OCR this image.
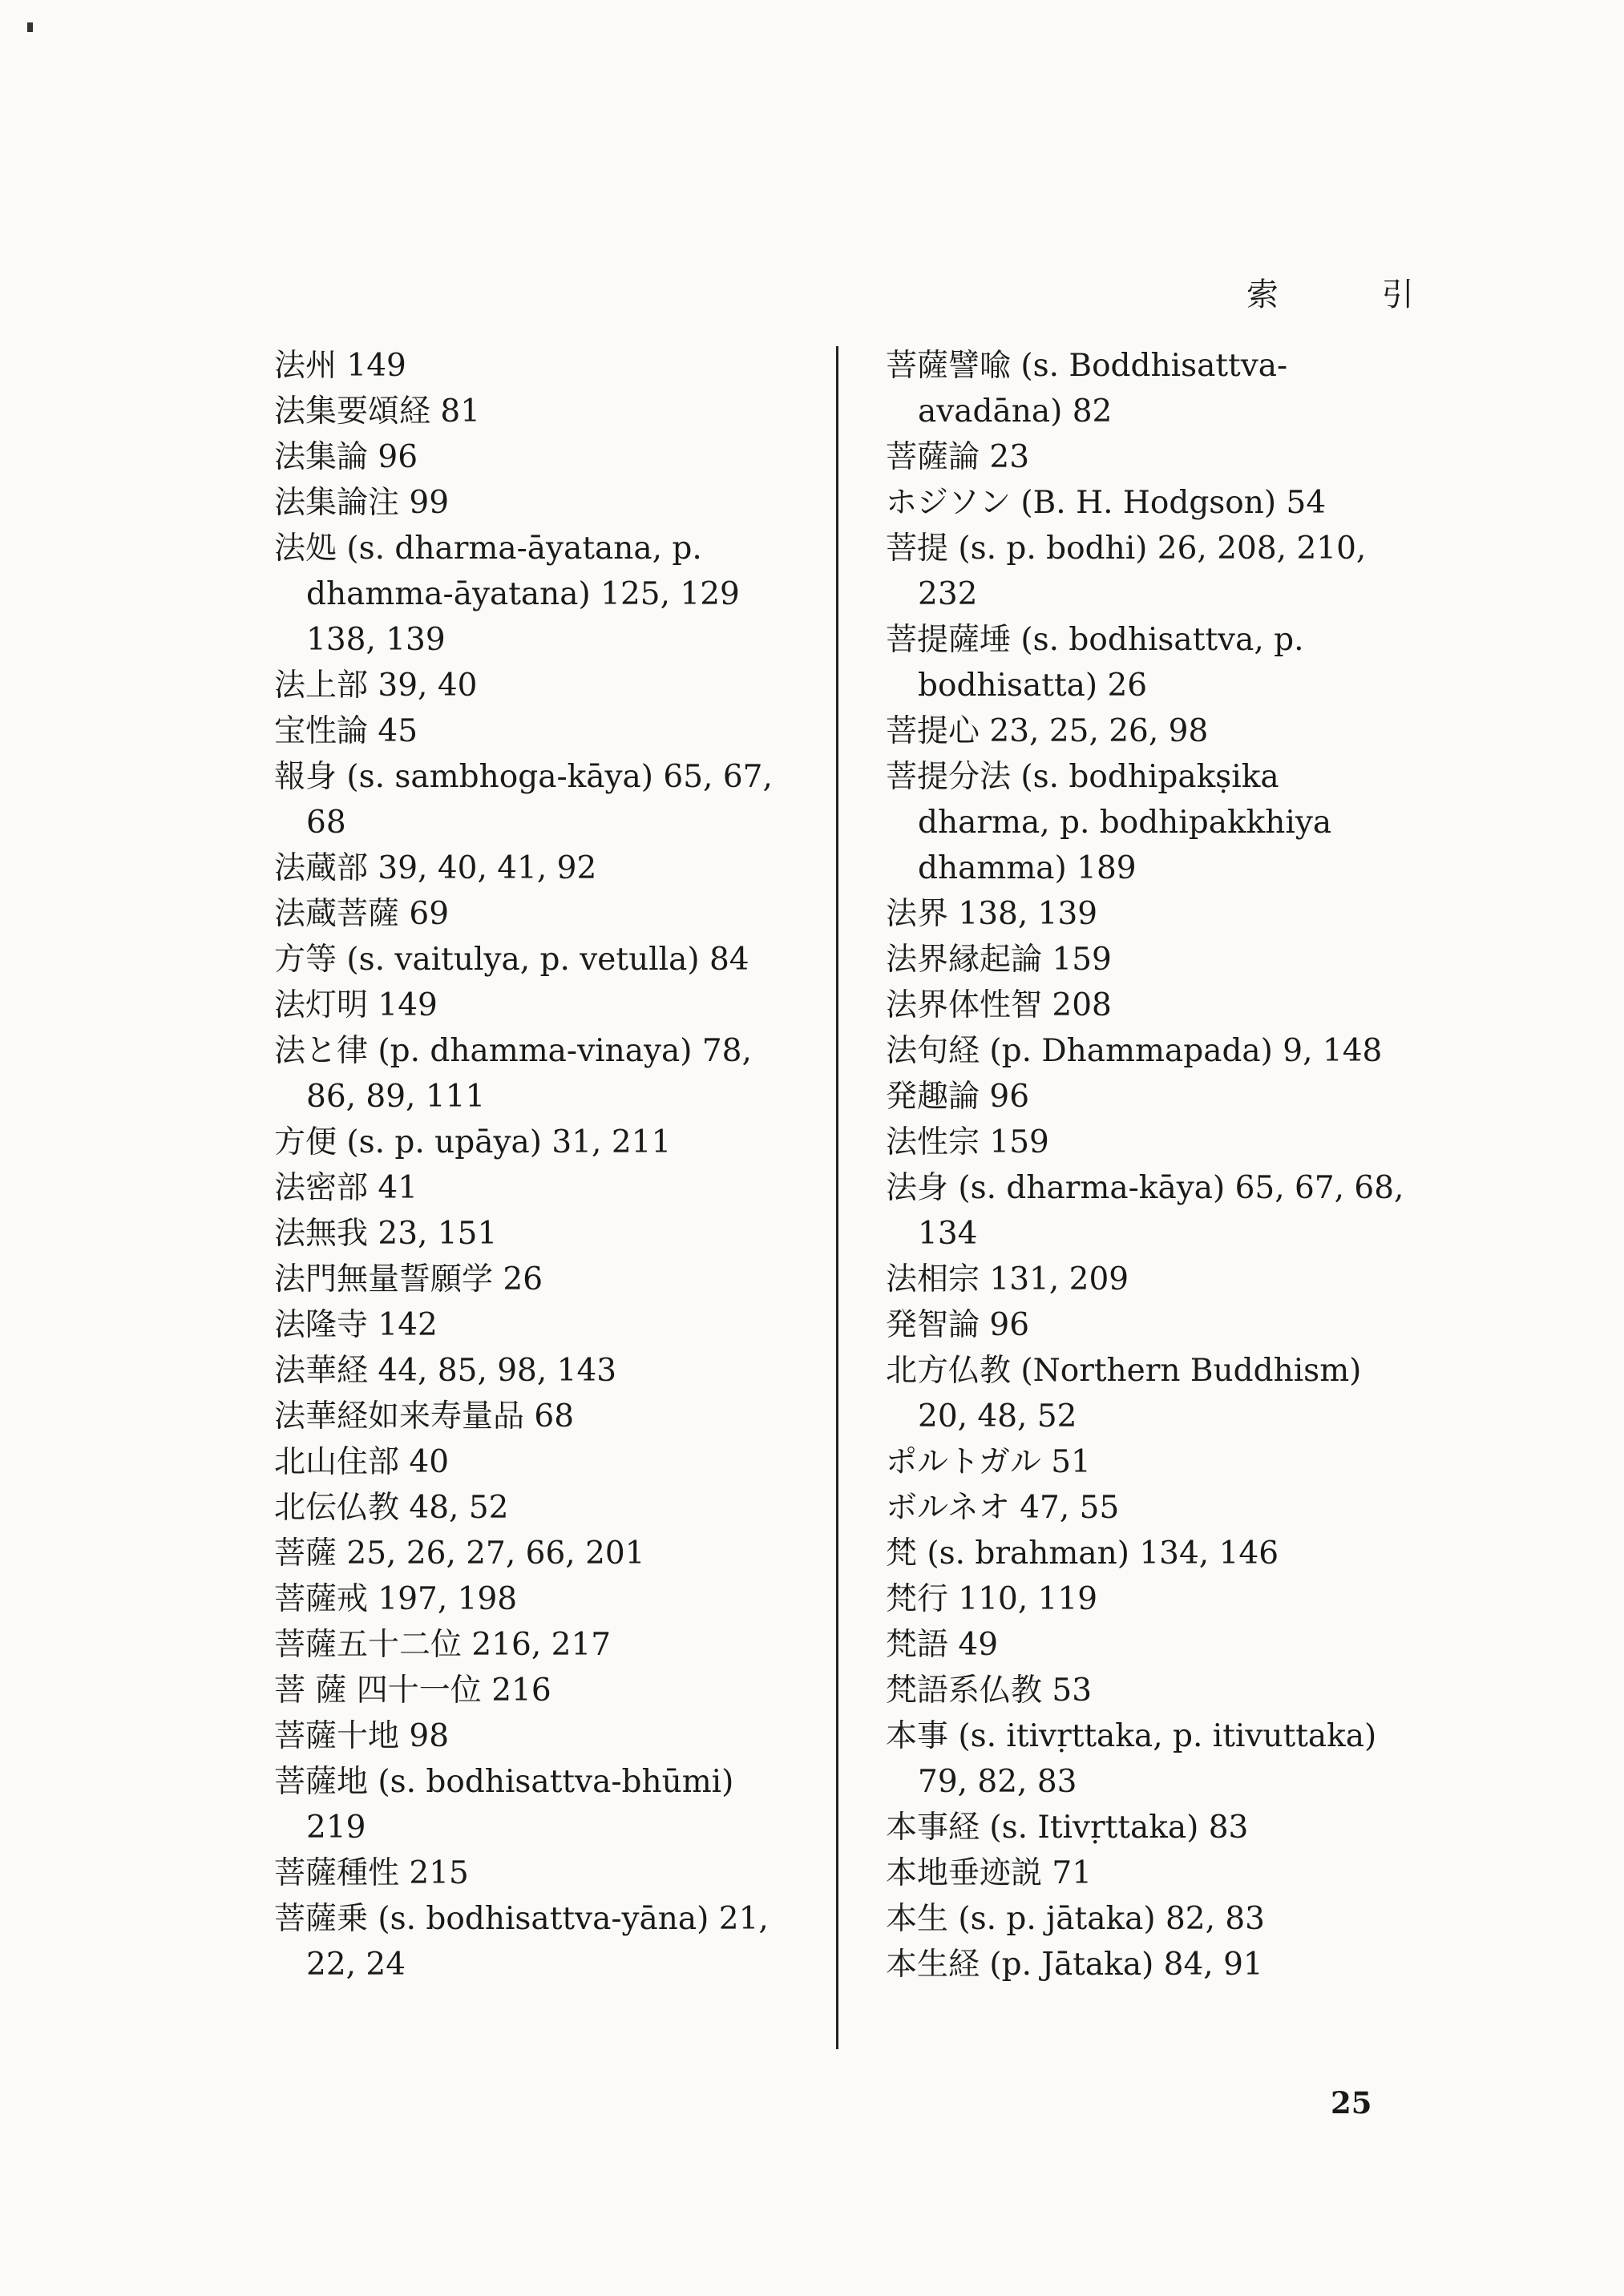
索 引

法州 149

法集要頌経 81

法集論 96

法集論注 99

法処 (s. dharma-āyatana, p. dhamma-āyatana) 125, 129 138, 139

法上部 39, 40

宝性論 45

報身 (s. sambhoga-kāya) 65, 67, 68

法蔵部 39, 40, 41, 92

法蔵菩薩 69

方等 (s. vaitulya, p. vetulla) 84

法灯明 149

法と律 (p. dhamma-vinaya) 78, 86, 89, 111

方便 (s. p. upāya) 31, 211

法密部 41

法無我 23, 151

法門無量誓願学 26

法隆寺 142

法華経 44, 85, 98, 143

法華経如来寿量品 68

北山住部 40

北伝仏教 48, 52

菩薩 25, 26, 27, 66, 201

菩薩戒 197, 198

菩薩五十二位 216, 217

菩 薩 四十一位 216

菩薩十地 98

菩薩地 (s. bodhisattva-bhūmi) 219

菩薩種性 215

菩薩乗 (s. bodhisattva-yāna) 21, 22, 24

菩薩譬喩 (s. Boddhisattva-avadāna) 82

菩薩論 23

ホジソン (B. H. Hodgson) 54

菩提 (s. p. bodhi) 26, 208, 210, 232

菩提薩埵 (s. bodhisattva, p. bodhisatta) 26

菩提心 23, 25, 26, 98

菩提分法 (s. bodhipakṣika dharma, p. bodhipakkhiya dhamma) 189

法界 138, 139

法界縁起論 159

法界体性智 208

法句経 (p. Dhammapada) 9, 148

発趣論 96

法性宗 159

法身 (s. dharma-kāya) 65, 67, 68, 134

法相宗 131, 209

発智論 96

北方仏教 (Northern Buddhism) 20, 48, 52

ポルトガル 51

ボルネオ 47, 55

梵 (s. brahman) 134, 146

梵行 110, 119

梵語 49

梵語系仏教 53

本事 (s. itivṛttaka, p. itivuttaka) 79, 82, 83

本事経 (s. Itivṛttaka) 83

本地垂迹説 71

本生 (s. p. jātaka) 82, 83

本生経 (p. Jātaka) 84, 91

25
